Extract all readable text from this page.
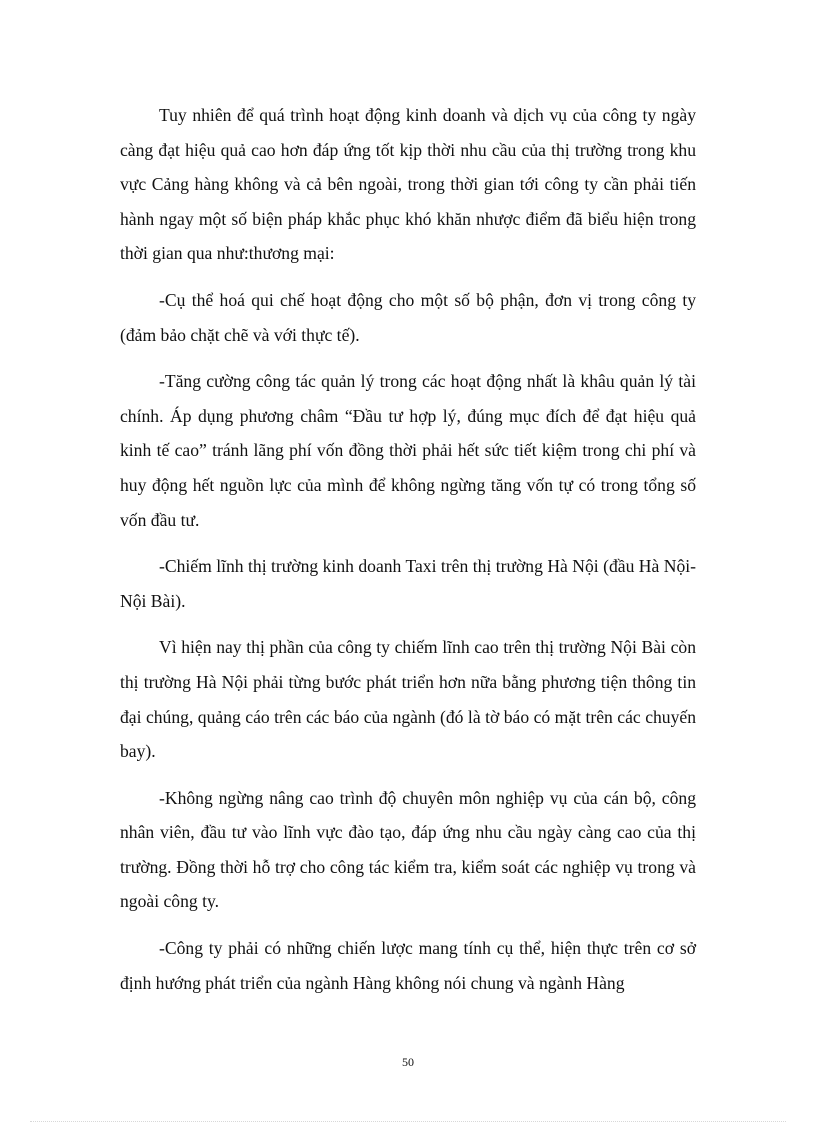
Tuy nhiên để quá trình hoạt động kinh doanh và dịch vụ của công ty ngày càng đạt hiệu quả cao hơn đáp ứng tốt kịp thời nhu cầu của thị trường trong khu vực Cảng hàng không và cả bên ngoài, trong thời gian tới công ty cần phải tiến hành ngay một số biện pháp khắc phục khó khăn nhược điểm đã biểu hiện trong thời gian qua như:thương mại:

-Cụ thể hoá qui chế hoạt động cho một số bộ phận, đơn vị trong công ty (đảm bảo chặt chẽ và với thực tế).

-Tăng cường công tác quản lý trong các hoạt động nhất là khâu quản lý tài chính. Áp dụng phương châm “Đầu tư hợp lý, đúng mục đích để đạt hiệu quả kinh tế cao” tránh lãng phí vốn đồng thời phải hết sức tiết kiệm trong chi phí và huy động hết nguồn lực của mình để không ngừng tăng vốn tự có trong tổng số vốn đầu tư.

-Chiếm lĩnh thị trường kinh doanh Taxi trên thị trường Hà Nội (đầu Hà Nội- Nội Bài).

Vì hiện nay thị phần của công ty chiếm lĩnh cao trên thị trường Nội Bài còn thị trường Hà Nội phải từng bước phát triển hơn nữa bằng phương tiện thông tin đại chúng, quảng cáo trên các báo của ngành (đó là tờ báo có mặt trên các chuyến bay).

-Không ngừng nâng cao trình độ chuyên môn nghiệp vụ của cán bộ, công nhân viên, đầu tư vào lĩnh vực đào tạo, đáp ứng nhu cầu ngày càng cao của thị trường. Đồng thời hỗ trợ cho công tác kiểm tra, kiểm soát các nghiệp vụ trong và ngoài công ty.

-Công ty phải có những chiến lược mang tính cụ thể, hiện thực trên cơ sở định hướng phát triển của ngành Hàng không nói chung và ngành Hàng

50
